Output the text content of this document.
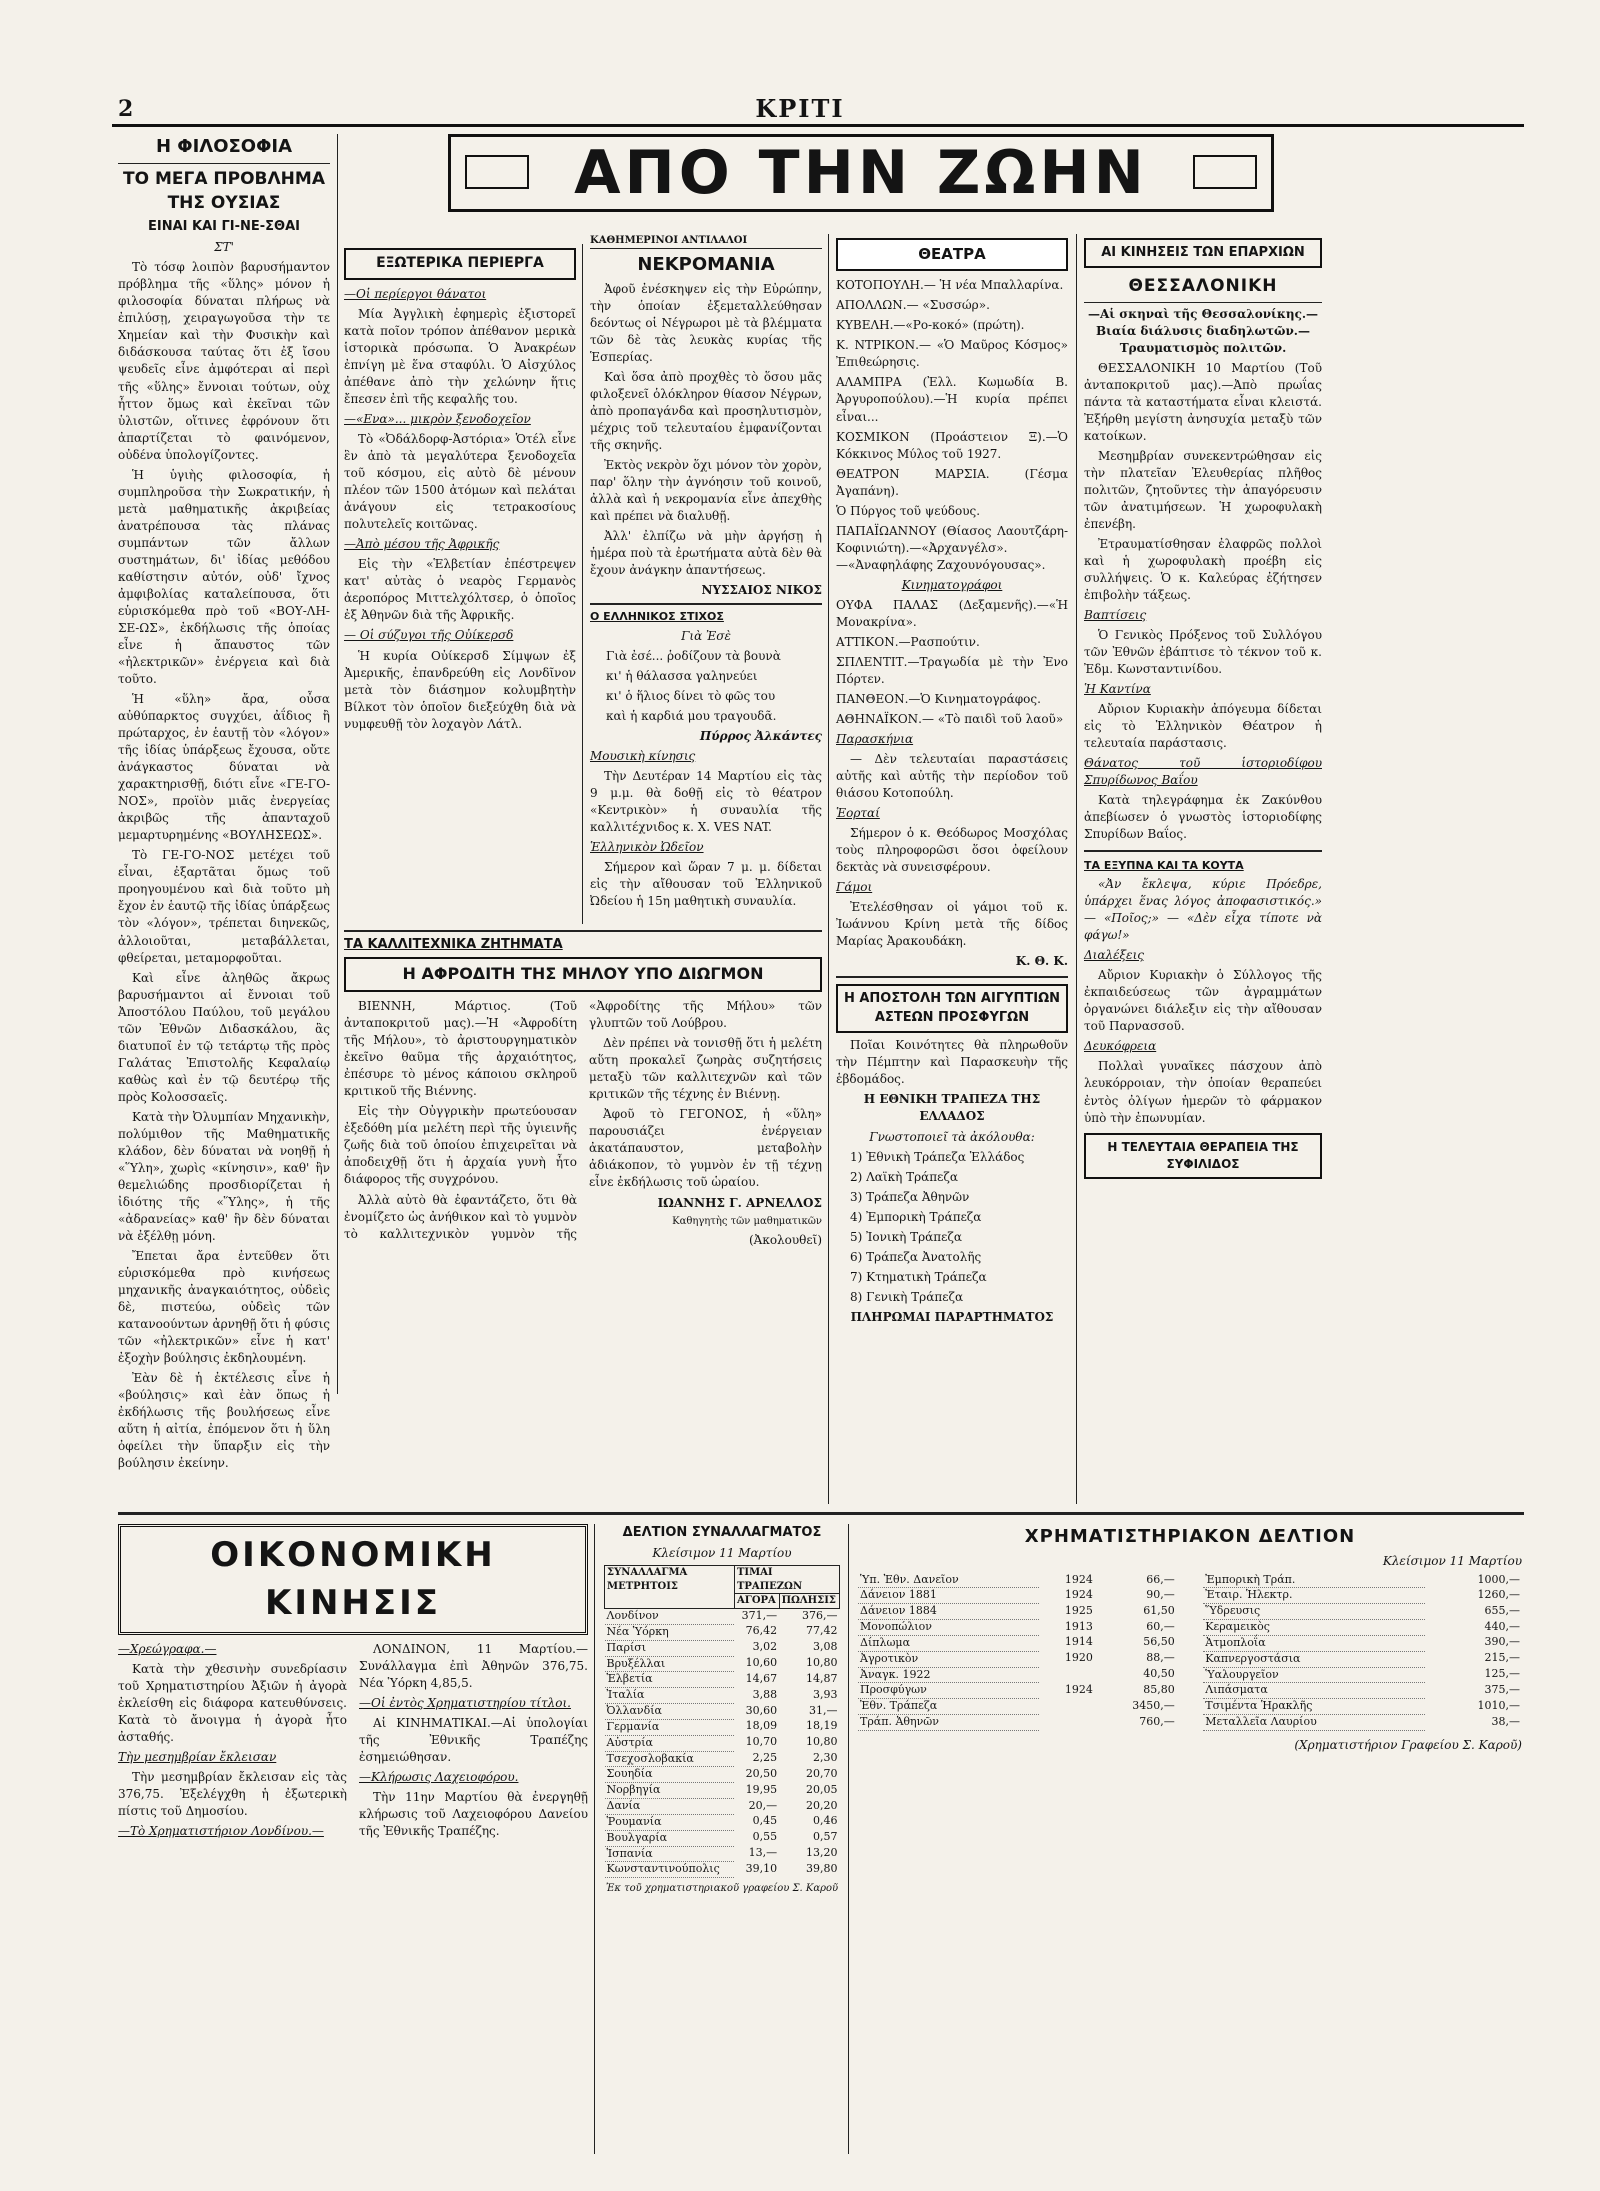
2	ΚΡΙΤΙ
ΑΠΟ ΤΗΝ ΖΩΗΝ

Η ΦΙΛΟΣΟΦΙΑ

ΤΟ ΜΕΓΑ ΠΡΟΒΛΗΜΑ ΤΗΣ ΟΥΣΙΑΣ

ΕΙΝΑΙ ΚΑΙ ΓΙ-ΝΕ-ΣΘΑΙ

ΣΤ'

Τὸ τόσφ λοιπὸν βαρυσήμαντον πρόβλημα τῆς «ὕλης» μόνον ἡ φιλοσοφία δύναται πλήρως νὰ ἐπιλύσῃ, χειραγωγοῦσα τὴν τε Χημείαν καὶ τὴν Φυσικὴν καὶ διδάσκουσα ταύτας ὅτι ἐξ ἴσου ψευδεῖς εἶνε ἀμφότεραι αἱ περὶ τῆς «ὕλης» ἔννοιαι τούτων, οὐχ ἦττον ὅμως καὶ ἐκεῖναι τῶν ὑλιστῶν, οἵτινες ἐφρόνουν ὅτι ἀπαρτίζεται τὸ φαινόμενον, οὐδένα ὑπολογίζοντες.

Ἡ ὑγιὴς φιλοσοφία, ἡ συμπληροῦσα τὴν Σωκρατικήν, ἡ μετὰ μαθηματικῆς ἀκριβείας ἀνατρέπουσα τὰς πλάνας συμπάντων τῶν ἄλλων συστημάτων, δι' ἰδίας μεθόδου καθίστησιν αὐτόν, οὐδ' ἴχνος ἀμφιβολίας καταλείπουσα, ὅτι εὑρισκόμεθα πρὸ τοῦ «ΒΟΥ-ΛΗ-ΣΕ-ΩΣ», ἐκδήλωσις τῆς ὁποίας εἶνε ἡ ἄπαυστος τῶν «ἠλεκτρικῶν» ἐνέργεια καὶ διὰ τοῦτο.

Ἡ «ὕλη» ἄρα, οὖσα αὐθύπαρκτος συγχύει, ἀΐδιος ἢ πρώταρχος, ἐν ἑαυτῇ τὸν «λόγον» τῆς ἰδίας ὑπάρξεως ἔχουσα, οὔτε ἀνάγκαστος δύναται νὰ χαρακτηρισθῇ, διότι εἶνε «ΓΕ-ΓΟ-ΝΟΣ», προϊὸν μιᾶς ἐνεργείας ἀκριβῶς τῆς ἀπανταχοῦ μεμαρτυρημένης «ΒΟΥΛΗΣΕΩΣ».

Τὸ ΓΕ-ΓΟ-ΝΟΣ μετέχει τοῦ εἶναι, ἐξαρτᾶται ὅμως τοῦ προηγουμένου καὶ διὰ τοῦτο μὴ ἔχον ἐν ἑαυτῷ τῆς ἰδίας ὑπάρξεως τὸν «λόγον», τρέπεται διηνεκῶς, ἀλλοιοῦται, μεταβάλλεται, φθείρεται, μεταμορφοῦται.

Καὶ εἶνε ἀληθῶς ἄκρως βαρυσήμαντοι αἱ ἔννοιαι τοῦ Ἀποστόλου Παύλου, τοῦ μεγάλου τῶν Ἐθνῶν Διδασκάλου, ἃς διατυποῖ ἐν τῷ τετάρτῳ τῆς πρὸς Γαλάτας Ἐπιστολῆς Κεφαλαίῳ καθὼς καὶ ἐν τῷ δευτέρῳ τῆς πρὸς Κολοσσαεῖς.

Κατὰ τὴν Ὀλυμπίαν Μηχανικὴν, πολύμιθον τῆς Μαθηματικῆς κλάδον, δὲν δύναται νὰ νοηθῇ ἡ «Ὕλη», χωρὶς «κίνησιν», καθ' ἣν θεμελιώδης προσδιορίζεται ἡ ἰδιότης τῆς «Ὕλης», ἡ τῆς «ἀδρανείας» καθ' ἣν δὲν δύναται νὰ ἐξέλθῃ μόνη.

Ἔπεται ἄρα ἐντεῦθεν ὅτι εὑρισκόμεθα πρὸ κινήσεως μηχανικῆς ἀναγκαιότητος, οὐδεὶς δὲ, πιστεύω, οὐδεὶς τῶν κατανοούντων ἀρνηθῇ ὅτι ἡ φύσις τῶν «ἠλεκτρικῶν» εἶνε ἡ κατ' ἐξοχὴν βούλησις ἐκδηλουμένη.

Ἐὰν δὲ ἡ ἐκτέλεσις εἶνε ἡ «βούλησις» καὶ ἐὰν ὅπως ἡ ἐκδήλωσις τῆς βουλήσεως εἶνε αὕτη ἡ αἰτία, ἐπόμενον ὅτι ἡ ὕλη ὀφείλει τὴν ὕπαρξιν εἰς τὴν βούλησιν ἐκείνην.

ΕΞΩΤΕΡΙΚΑ ΠΕΡΙΕΡΓΑ

—Οἱ περίεργοι θάνατοι

Μία Ἀγγλικὴ ἐφημερὶς ἐξιστορεῖ κατὰ ποῖον τρόπον ἀπέθανον μερικὰ ἱστορικὰ πρόσωπα. Ὁ Ἀνακρέων ἐπνίγη μὲ ἕνα σταφύλι. Ὁ Αἰσχύλος ἀπέθανε ἀπὸ τὴν χελώνην ἥτις ἔπεσεν ἐπὶ τῆς κεφαλῆς του.

—«Ενα»... μικρὸν ξενοδοχεῖον

Τὸ «Ὀδάλδορφ-Ἀστόρια» Ὁτέλ εἶνε ἓν ἀπὸ τὰ μεγαλύτερα ξενοδοχεῖα τοῦ κόσμου, εἰς αὐτὸ δὲ μένουν πλέον τῶν 1500 ἀτόμων καὶ πελάται ἀνάγουν εἰς τετρακοσίους πολυτελεῖς κοιτῶνας.

—Ἀπὸ μέσου τῆς Ἀφρικῆς

Εἰς τὴν «Ἑλβετίαν ἐπέστρεψεν κατ' αὐτὰς ὁ νεαρὸς Γερμανὸς ἀεροπόρος Μιττελχόλτσερ, ὁ ὁποῖος ἐξ Ἀθηνῶν διὰ τῆς Ἀφρικῆς.

— Οἱ σύζυγοι τῆς Οὐίκερσδ

Ἡ κυρία Οὐίκερσδ Σίμψων ἐξ Ἀμερικῆς, ἐπανδρεύθη εἰς Λονδῖνον μετὰ τὸν διάσημον κολυμβητὴν Βίλκοτ τὸν ὁποῖον διεξεύχθη διὰ νὰ νυμφευθῇ τὸν λοχαγὸν Λάτλ.

ΚΑΘΗΜΕΡΙΝΟΙ ΑΝΤΙΛΑΛΟΙ

ΝΕΚΡΟΜΑΝΙΑ

Ἀφοῦ ἐνέσκηψεν εἰς τὴν Εὐρώπην, τὴν ὁποίαν ἐξεμεταλλεύθησαν δεόντως οἱ Νέγρωροι μὲ τὰ βλέμματα τῶν δὲ τὰς λευκὰς κυρίας τῆς Ἑσπερίας.

Καὶ ὅσα ἀπὸ προχθὲς τὸ ὅσου μᾶς φιλοξενεῖ ὁλόκληρον θίασον Νέγρων, ἀπὸ προπαγάνδα καὶ προσηλυτισμὸν, μέχρις τοῦ τελευταίου ἐμφανίζονται τῆς σκηνῆς.

Ἐκτὸς νεκρὸν ὅχι μόνον τὸν χορὸν, παρ' ὅλην τὴν ἀγνόησιν τοῦ κοινοῦ, ἀλλὰ καὶ ἡ νεκρομανία εἶνε ἀπεχθὴς καὶ πρέπει νὰ διαλυθῇ.

Ἀλλ' ἐλπίζω νὰ μὴν ἀργήσῃ ἡ ἡμέρα ποὺ τὰ ἐρωτήματα αὐτὰ δὲν θὰ ἔχουν ἀνάγκην ἀπαντήσεως.

ΝΥΣΣΑΙΟΣ ΝΙΚΟΣ

Ο ΕΛΛΗΝΙΚΟΣ ΣΤΙΧΟΣ

Γιὰ Ἐσὲ

Γιὰ ἐσέ... ῥοδίζουν τὰ βουνὰ

κι' ἡ θάλασσα γαληνεύει

κι' ὁ ἥλιος δίνει τὸ φῶς του

καὶ ἡ καρδιά μου τραγουδᾶ.

Πύρρος Ἀλκάντες

Μουσικὴ κίνησις

Τὴν Δευτέραν 14 Μαρτίου εἰς τὰς 9 μ.μ. θὰ δοθῇ εἰς τὸ θέατρον «Κεντρικὸν» ἡ συναυλία τῆς καλλιτέχνιδος κ. Χ. VES NAT.

Ἑλληνικὸν Ὠδεῖον

Σήμερον καὶ ὥραν 7 μ. μ. δίδεται εἰς τὴν αἴθουσαν τοῦ Ἑλληνικοῦ Ὠδείου ἡ 15η μαθητικὴ συναυλία.

ΤΑ ΚΑΛΛΙΤΕΧΝΙΚΑ ΖΗΤΗΜΑΤΑ

Η ΑΦΡΟΔΙΤΗ ΤΗΣ ΜΗΛΟΥ ΥΠΟ ΔΙΩΓΜΟΝ

ΒΙΕΝΝΗ, Μάρτιος. (Τοῦ ἀνταποκριτοῦ μας).—Ἡ «Ἀφροδίτη τῆς Μήλου», τὸ ἀριστουργηματικὸν ἐκεῖνο θαῦμα τῆς ἀρχαιότητος, ἐπέσυρε τὸ μένος κάποιου σκληροῦ κριτικοῦ τῆς Βιέννης.

Εἰς τὴν Οὐγγρικὴν πρωτεύουσαν ἐξεδόθη μία μελέτη περὶ τῆς ὑγιεινῆς ζωῆς διὰ τοῦ ὁποίου ἐπιχειρεῖται νὰ ἀποδειχθῇ ὅτι ἡ ἀρχαία γυνὴ ἦτο διάφορος τῆς συγχρόνου.

Ἀλλὰ αὐτὸ θὰ ἐφαντάζετο, ὅτι θὰ ἐνομίζετο ὡς ἀνήθικον καὶ τὸ γυμνὸν τὸ καλλιτεχνικὸν γυμνὸν τῆς «Ἀφροδίτης τῆς Μήλου» τῶν γλυπτῶν τοῦ Λούβρου.

Δὲν πρέπει νὰ τονισθῇ ὅτι ἡ μελέτη αὕτη προκαλεῖ ζωηρὰς συζητήσεις μεταξὺ τῶν καλλιτεχνῶν καὶ τῶν κριτικῶν τῆς τέχνης ἐν Βιέννῃ.

Ἀφοῦ τὸ ΓΕΓΟΝΟΣ, ἡ «ὕλη» παρουσιάζει ἐνέργειαν ἀκατάπαυστον, μεταβολὴν ἀδιάκοπον, τὸ γυμνὸν ἐν τῇ τέχνῃ εἶνε ἐκδήλωσις τοῦ ὡραίου.

ΙΩΑΝΝΗΣ Γ. ΑΡΝΕΛΛΟΣ

Καθηγητὴς τῶν μαθηματικῶν

(Ἀκολουθεῖ)

ΘΕΑΤΡΑ

ΚΟΤΟΠΟΥΛΗ.— Ἡ νέα Μπαλλαρίνα.

ΑΠΟΛΛΩΝ.— «Συσσώρ».

ΚΥΒΕΛΗ.—«Ρο-κοκό» (πρώτη).

Κ. ΝΤΡΙΚΟΝ.— «Ὁ Μαῦρος Κόσμος» Ἐπιθεώρησις.

ΑΛΑΜΠΡΑ (Ἐλλ. Κωμωδία Β. Ἀργυροπούλου).—Ἡ κυρία πρέπει εἶναι...

ΚΟΣΜΙΚΟΝ (Προάστειον Ξ).—Ὁ Κόκκινος Μύλος τοῦ 1927.

ΘΕΑΤΡΟΝ ΜΑΡΣΙΑ. (Γέσμα Ἀγαπάνη).

Ὁ Πύργος τοῦ ψεύδους.

ΠΑΠΑΪΩΑΝΝΟΥ (Θίασος Λαουτζάρη-Κοφινιώτη).—«Ἀρχανγέλσ».—«Ἀναφηλάφης Ζαχουνόγουσας».

Κινηματογράφοι

ΟΥΦΑ ΠΑΛΑΣ (Δεξαμενῆς).—«Ἡ Μονακρίνα».

ΑΤΤΙΚΟΝ.—Ρασπούτιν.

ΣΠΛΕΝΤΙΤ.—Τραγωδία μὲ τὴν Ἐνο Πόρτεν.

ΠΑΝΘΕΟΝ.—Ὁ Κινηματογράφος.

ΑΘΗΝΑΪΚΟΝ.— «Τὸ παιδὶ τοῦ λαοῦ»

Παρασκήνια

— Δὲν τελευταίαι παραστάσεις αὐτῆς καὶ αὐτῆς τὴν περίοδον τοῦ θιάσου Κοτοπούλη.

Ἑορταί

Σήμερον ὁ κ. Θεόδωρος Μοσχόλας τοὺς πληροφορῶσι ὅσοι ὀφείλουν δεκτὰς νὰ συνεισφέρουν.

Γάμοι

Ἐτελέσθησαν οἱ γάμοι τοῦ κ. Ἰωάννου Κρίνη μετὰ τῆς δίδος Μαρίας Ἀρακουδάκη.

Κ. Θ. Κ.

Η ΑΠΟΣΤΟΛΗ ΤΩΝ ΑΙΓΥΠΤΙΩΝ ΑΣΤΕΩΝ ΠΡΟΣΦΥΓΩΝ

Ποῖαι Κοινότητες θὰ πληρωθοῦν τὴν Πέμπτην καὶ Παρασκευὴν τῆς ἑβδομάδος.

Η ΕΘΝΙΚΗ ΤΡΑΠΕΖΑ ΤΗΣ ΕΛΛΑΔΟΣ

Γνωστοποιεῖ τὰ ἀκόλουθα:

1) Ἐθνικὴ Τράπεζα Ἑλλάδος

2) Λαϊκὴ Τράπεζα

3) Τράπεζα Ἀθηνῶν

4) Ἐμπορικὴ Τράπεζα

5) Ἰονικὴ Τράπεζα

6) Τράπεζα Ἀνατολῆς

7) Κτηματικὴ Τράπεζα

8) Γενικὴ Τράπεζα

ΠΛΗΡΩΜΑΙ ΠΑΡΑΡΤΗΜΑΤΟΣ

ΑΙ ΚΙΝΗΣΕΙΣ ΤΩΝ ΕΠΑΡΧΙΩΝ

ΘΕΣΣΑΛΟΝΙΚΗ

—Αἱ σκηναὶ τῆς Θεσσαλονίκης.—Βιαία διάλυσις διαδηλωτῶν.—Τραυματισμὸς πολιτῶν.

ΘΕΣΣΑΛΟΝΙΚΗ 10 Μαρτίου (Τοῦ ἀνταποκριτοῦ μας).—Ἀπὸ πρωΐας πάντα τὰ καταστήματα εἶναι κλειστά. Ἐξήρθη μεγίστη ἀνησυχία μεταξὺ τῶν κατοίκων.

Μεσημβρίαν συνεκεντρώθησαν εἰς τὴν πλατεῖαν Ἐλευθερίας πλῆθος πολιτῶν, ζητοῦντες τὴν ἀπαγόρευσιν τῶν ἀνατιμήσεων. Ἡ χωροφυλακὴ ἐπενέβη.

Ἐτραυματίσθησαν ἐλαφρῶς πολλοὶ καὶ ἡ χωροφυλακὴ προέβη εἰς συλλήψεις. Ὁ κ. Καλεύρας ἐζήτησεν ἐπιβολὴν τάξεως.

Βαπτίσεις

Ὁ Γενικὸς Πρόξενος τοῦ Συλλόγου τῶν Ἐθνῶν ἐβάπτισε τὸ τέκνον τοῦ κ. Ἐδμ. Κωνσταντινίδου.

Ἡ Καντίνα

Αὔριον Κυριακὴν ἀπόγευμα δίδεται εἰς τὸ Ἑλληνικὸν Θέατρον ἡ τελευταία παράστασις.

Θάνατος τοῦ ἱστοριοδίφου Σπυρίδωνος Βαΐου

Κατὰ τηλεγράφημα ἐκ Ζακύνθου ἀπεβίωσεν ὁ γνωστὸς ἱστοριοδίφης Σπυρίδων Βαΐος.

ΤΑ ΕΞΥΠΝΑ ΚΑΙ ΤΑ ΚΟΥΤΑ

«Ἀν ἔκλεψα, κύριε Πρόεδρε, ὑπάρχει ἕνας λόγος ἀποφασιστικός.» — «Ποῖος;» — «Δὲν εἶχα τίποτε νὰ φάγω!»

Διαλέξεις

Αὔριον Κυριακὴν ὁ Σύλλογος τῆς ἐκπαιδεύσεως τῶν ἀγραμμάτων ὀργανώνει διάλεξιν εἰς τὴν αἴθουσαν τοῦ Παρνασσοῦ.

Δευκόφρεια

Πολλαὶ γυναῖκες πάσχουν ἀπὸ λευκόρροιαν, τὴν ὁποίαν θεραπεύει ἐντὸς ὀλίγων ἡμερῶν τὸ φάρμακον ὑπὸ τὴν ἐπωνυμίαν.

Η ΤΕΛΕΥΤΑΙΑ ΘΕΡΑΠΕΙΑ ΤΗΣ ΣΥΦΙΛΙΔΟΣ
ΟΙΚΟΝΟΜΙΚΗ ΚΙΝΗΣΙΣ

—Χρεώγραφα.—

Κατὰ τὴν χθεσινὴν συνεδρίασιν τοῦ Χρηματιστηρίου Ἀξιῶν ἡ ἀγορὰ ἐκλείσθη εἰς διάφορα κατευθύνσεις. Κατὰ τὸ ἄνοιγμα ἡ ἀγορὰ ἦτο ἀσταθής.

Τὴν μεσημβρίαν ἔκλεισαν

Τὴν μεσημβρίαν ἔκλεισαν εἰς τὰς 376,75. Ἐξελέγχθη ἡ ἐξωτερικὴ πίστις τοῦ Δημοσίου.

—Τὸ Χρηματιστήριον Λονδίνου.—

ΛΟΝΔΙΝΟΝ, 11 Μαρτίου.—Συνάλλαγμα ἐπὶ Ἀθηνῶν 376,75. Νέα Ὑόρκη 4,85,5.

—Οἱ ἐντὸς Χρηματιστηρίου τίτλοι.

Αἱ ΚΙΝΗΜΑΤΙΚΑΙ.—Αἱ ὑπολογίαι τῆς Ἐθνικῆς Τραπέζης ἐσημειώθησαν.

—Κλήρωσις Λαχειοφόρου.

Τὴν 11ην Μαρτίου θὰ ἐνεργηθῇ κλήρωσις τοῦ Λαχειοφόρου Δανείου τῆς Ἐθνικῆς Τραπέζης.

ΔΕΛΤΙΟΝ ΣΥΝΑΛΛΑΓΜΑΤΟΣ

Κλείσιμον 11 Μαρτίου

ΣΥΝΑΛΛΑΓΜΑ ΜΕΤΡΗΤΟΙΣ	ΤΙΜΑΙ ΤΡΑΠΕΖΩΝ	
	ΑΓΟΡΑ	ΠΩΛΗΣΙΣ
Λονδίνον	371,—	376,—
Νέα Ὑόρκη	76,42	77,42
Παρίσι	3,02	3,08
Βρυξέλλαι	10,60	10,80
Ἑλβετία	14,67	14,87
Ἰταλία	3,88	3,93
Ὀλλανδία	30,60	31,—
Γερμανία	18,09	18,19
Αὐστρία	10,70	10,80
Τσεχοσλοβακία	2,25	2,30
Σουηδία	20,50	20,70
Νορβηγία	19,95	20,05
Δανία	20,—	20,20
Ῥουμανία	0,45	0,46
Βουλγαρία	0,55	0,57
Ἱσπανία	13,—	13,20
Κωνσταντινούπολις	39,10	39,80

Ἐκ τοῦ χρηματιστηριακοῦ γραφείου Σ. Καροῦ

ΧΡΗΜΑΤΙΣΤΗΡΙΑΚΟΝ ΔΕΛΤΙΟΝ

Κλείσιμον 11 Μαρτίου

Ὑπ. Ἐθν. Δανεῖον	1924	66,—
Δάνειον 1881	1924	90,—
Δάνειον 1884	1925	61,50
Μονοπώλιον	1913	60,—
Δίπλωμα	1914	56,50
Ἀγροτικὸν	1920	88,—
Ἀναγκ. 1922		40,50
Προσφύγων	1924	85,80
Ἐθν. Τράπεζα		3450,—
Τράπ. Ἀθηνῶν		760,—
Ἐμπορικὴ Τράπ.		1000,—
Ἐταιρ. Ἡλεκτρ.		1260,—
Ὕδρευσις		655,—
Κεραμεικὸς		440,—
Ἀτμοπλοΐα		390,—
Καπνεργοστάσια		215,—
Ὑαλουργεῖον		125,—
Λιπάσματα		375,—
Τσιμέντα Ἡρακλῆς		1010,—
Μεταλλεῖα Λαυρίου		38,—

(Χρηματιστήριον Γραφείου Σ. Καροῦ)
